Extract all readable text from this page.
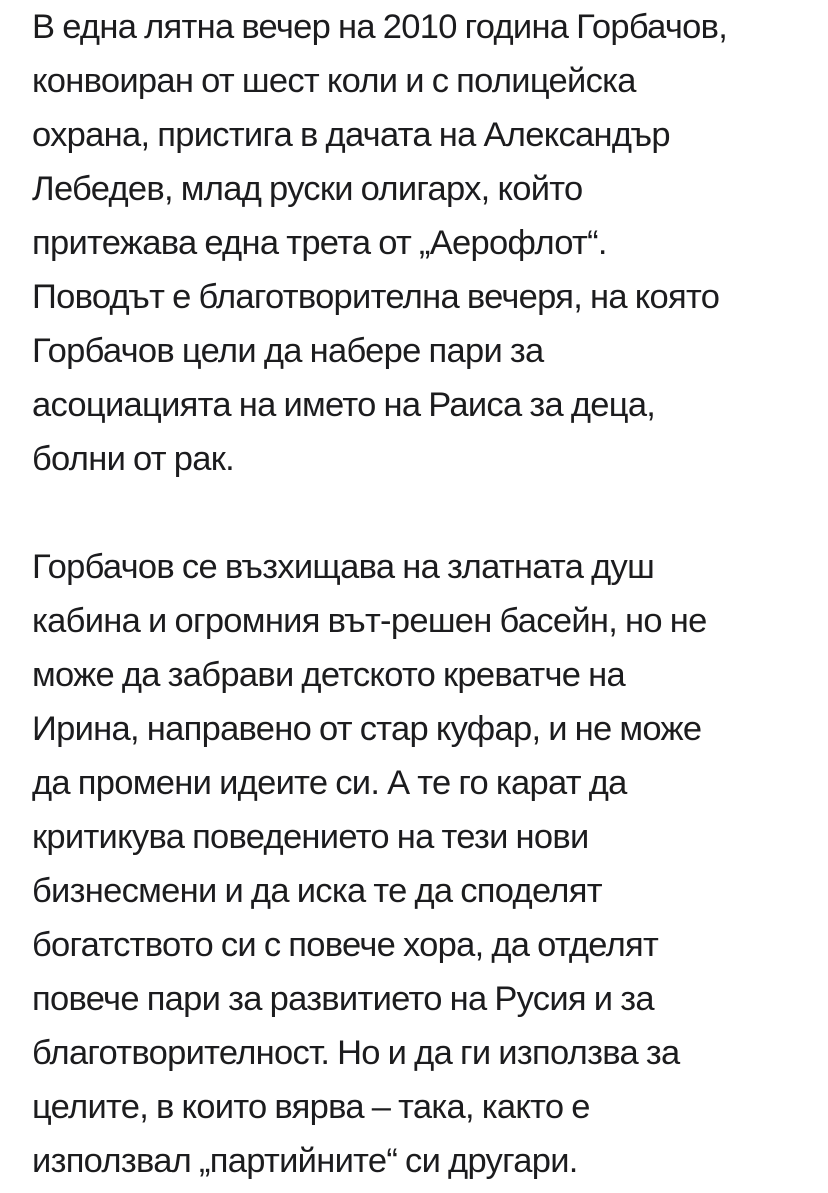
В една лятна вечер на 2010 година Горбачов,
конвоиран от шест коли и с полицейска
охрана, пристига в дачата на Александър
Лебедев, млад руски олигарх, който
притежава една трета от „Аерофлот“.
Поводът е благотворителна вечеря, на която
Горбачов цели да набере пари за
асоциацията на името на Раиса за деца,
болни от рак.
Горбачов се възхищава на златната душ
кабина и огромния вът-решен басейн, но не
може да забрави детското креватче на
Ирина, направено от стар куфар, и не може
да промени идеите си. А те го карат да
критикува поведението на тези нови
бизнесмени и да иска те да споделят
богатството си с повече хора, да отделят
повече пари за развитието на Русия и за
благотворителност. Но и да ги използва за
целите, в които вярва – така, както е
използвал „партийните“ си другари.
